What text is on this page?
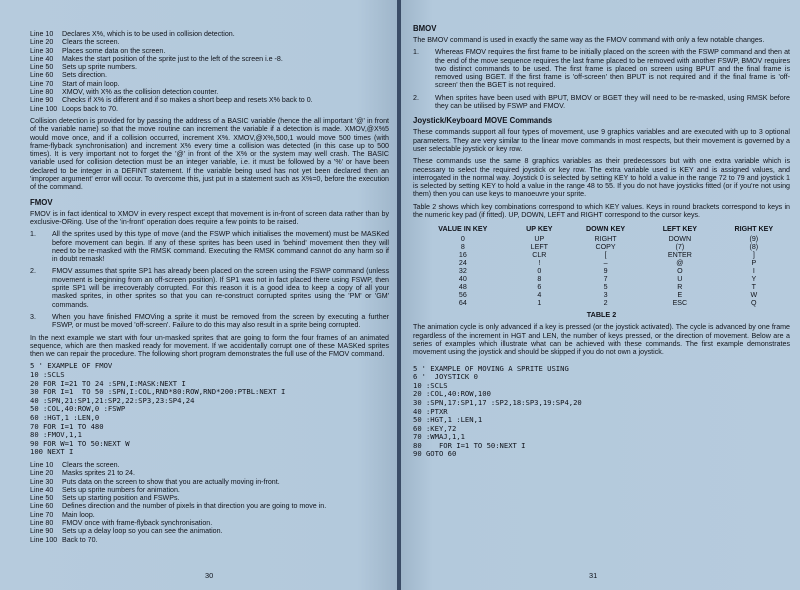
Line 10	Declares X%, which is to be used in collision detection.
Line 20	Clears the screen.
Line 30	Places some data on the screen.
Line 40	Makes the start position of the sprite just to the left of the screen i.e -8.
Line 50	Sets up sprite numbers.
Line 60	Sets direction.
Line 70	Start of main loop.
Line 80	XMOV, with X% as the collision detection counter.
Line 90	Checks if X% is different and if so makes a short beep and resets X% back to 0.
Line 100 Loops back to 70.

Collision detection is provided for by passing the address of a BASIC variable (hence the all important '@' in front of the variable name) so that the move routine can increment the variable if a detection is made. XMOV,@X%5 would move once, and if a collision occurred, increment X%. XMOV,@X%,500,1 would move 500 times (with frame-flyback synchronisation) and increment X% every time a collision was detected (in this case up to 500 times). It is very important not to forget the '@' in front of the X% or the system may well crash. The BASIC variable used for collision detection must be an integer variable, i.e. it must be followed by a '%' or have been declared to be integer in a DEFINT statement. If the variable being used has not yet been declared then an 'improper argument' error will occur. To overcome this, just put in a statement such as X%=0, before the execution of the command.

FMOV

FMOV is in fact identical to XMOV in every respect except that movement is in-front of screen data rather than by exclusive-ORing. Use of the 'in-front' operation does require a few points to be raised.

1.	All the sprites used by this type of move (and the FSWP which initialises the movement) must be MASKed before movement can begin. If any of these sprites has been used in 'behind' movement then they will need to be re-masked with the RMSK command. Executing the RMSK command cannot do any harm so if in doubt remask!
2.	FMOV assumes that sprite SP1 has already been placed on the screen using the FSWP command (unless movement is beginning from an off-screen position). If SP1 was not in fact placed there using FSWP, then sprite SP1 will be irrecoverably corrupted. For this reason it is a good idea to keep a copy of all your masked sprites, in other sprites so that you can re-construct corrupted sprites using the 'PM' or 'GM' commands.
3.	When you have finished FMOVing a sprite it must be removed from the screen by executing a further FSWP, or must be moved 'off-screen'. Failure to do this may also result in a sprite being corrupted.

In the next example we start with four un-masked sprites that are going to form the four frames of an animated sequence, which are then masked ready for movement. If we accidentally corrupt one of these MASKed sprites then we can repair the procedure. The following short program demonstrates the full use of the FMOV command.

5 ' EXAMPLE OF FMOV
10 :SCLS
20 FOR I=21 TO 24 :SPN,I:MASK:NEXT I
30 FOR I=1  TO 50 :SPN,I:COL,RND*80:ROW,RND*200:PTBL:NEXT I
40 :SPN,21:SP1,21:SP2,22:SP3,23:SP4,24
50 :COL,40:ROW,0 :FSWP
60 :HGT,1 :LEN,0
70 FOR I=1 TO 480
80 :FMOV,1,1
90 FOR W=1 TO 50:NEXT W
100 NEXT I
Line 10	Clears the screen.
Line 20	Masks sprites 21 to 24.
Line 30	Puts data on the screen to show that you are actually moving in-front.
Line 40	Sets up sprite numbers for animation.
Line 50	Sets up starting position and FSWPs.
Line 60	Defines direction and the number of pixels in that direction you are going to move in.
Line 70	Main loop.
Line 80	FMOV once with frame-flyback synchronisation.
Line 90	Sets up a delay loop so you can see the animation.
Line 100 Back to 70.
30
BMOV

The BMOV command is used in exactly the same way as the FMOV command with only a few notable changes.

1.	Whereas FMOV requires the first frame to be initially placed on the screen with the FSWP command and then at the end of the move sequence requires the last frame placed to be removed with another FSWP, BMOV requires two distinct commands to be used. The first frame is placed on screen using BPUT and the final frame is removed using BGET. If the first frame is 'off-screen' then BPUT is not required and if the final frame is 'off-screen' then the BGET is not required.
2.	When sprites have been used with BPUT, BMOV or BGET they will need to be re-masked, using RMSK before they can be utilised by FSWP and FMOV.
Joystick/Keyboard MOVE Commands

These commands support all four types of movement, use 9 graphics variables and are executed with up to 3 optional parameters. They are very similar to the linear move commands in most respects, but their movement is governed by a user selectable joystick or key row.

These commands use the same 8 graphics variables as their predecessors but with one extra variable which is necessary to select the required joystick or key row. The extra variable used is KEY and is assigned values, and interrogated in the normal way. Joystick 0 is selected by setting KEY to hold a value in the range 72 to 79 and joystick 1 is selected by setting KEY to hold a value in the range 48 to 55. If you do not have joysticks fitted (or if you're not using them) then you can use keys to manoeuvre your sprite.

Table 2 shows which key combinations correspond to which KEY values. Keys in round brackets correspond to keys in the numeric key pad (if fitted). UP, DOWN, LEFT and RIGHT correspond to the cursor keys.

VALUE IN KEY	UP KEY	DOWN KEY	LEFT KEY	RIGHT KEY
0	UP	RIGHT	DOWN	(9)
8	LEFT	COPY	(7)	(8)
16	CLR	[	ENTER	]
24	!	–	@	P
32	0	9	O	I
40	8	7	U	Y
48	6	5	R	T
56	4	3	E	W
64	1	2	ESC	Q
TABLE 2

The animation cycle is only advanced if a key is pressed (or the joystick activated). The cycle is advanced by one frame regardless of the increment in HGT and LEN, the number of keys pressed, or the direction of movement. Below are a series of examples which illustrate what can be achieved with these commands. The first example demonstrates movement using the joystick and should be skipped if you do not own a joystick.

5 ' EXAMPLE OF MOVING A SPRITE USING
6 '  JOYSTICK 0
10 :SCLS
20 :COL,40:ROW,100
30 :SPN,17:SP1,17 :SP2,18:SP3,19:SP4,20
40 :PTXR
50 :HGT,1 :LEN,1
60 :KEY,72
70 :WMAJ,1,1
80    FOR I=1 TO 50:NEXT I
90 GOTO 60
31
